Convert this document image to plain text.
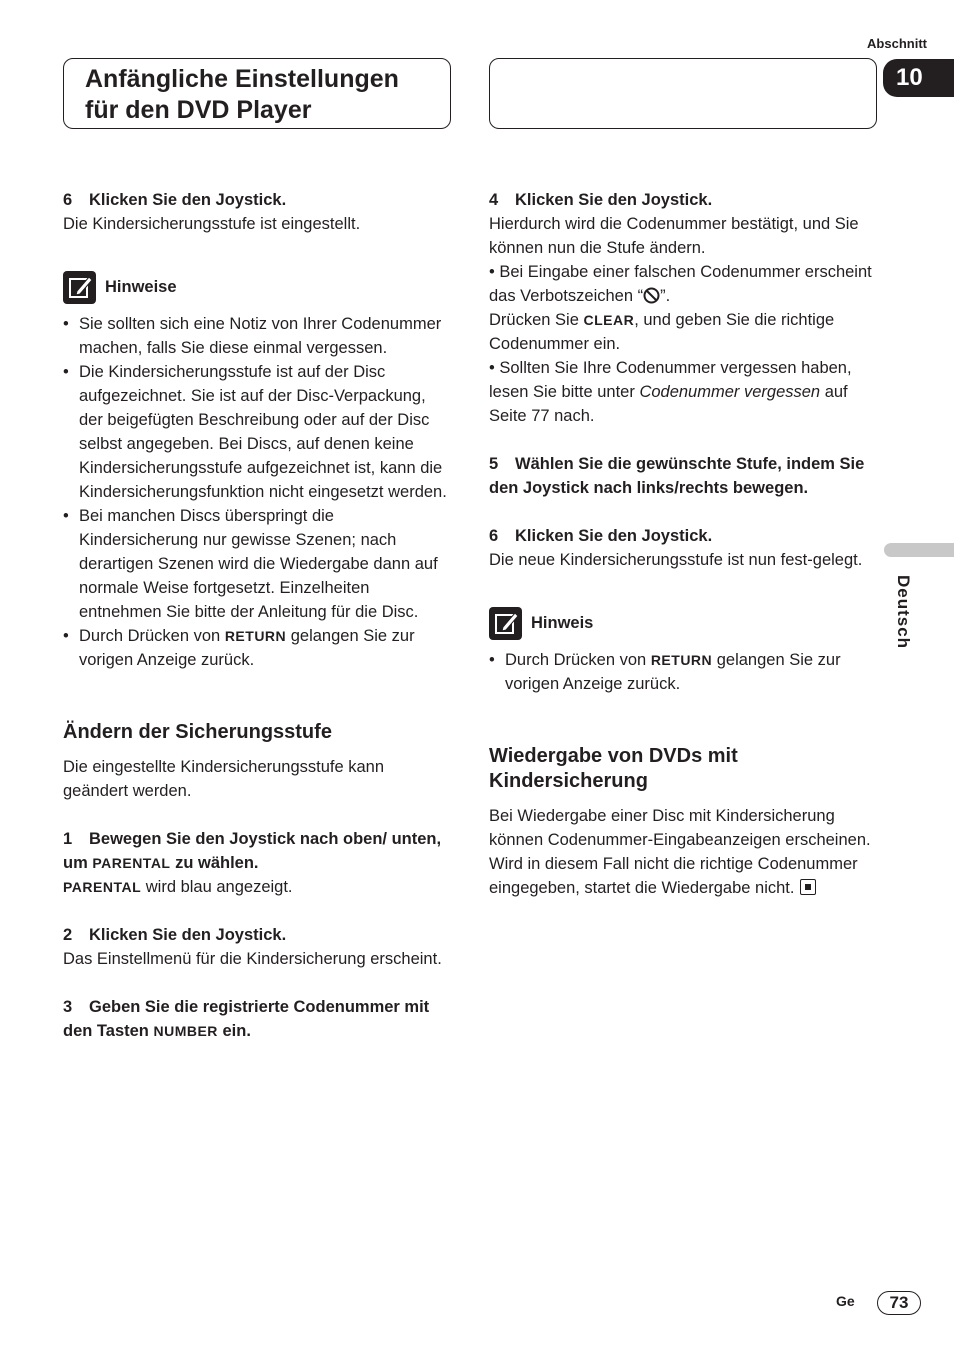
Abschnitt
10
Anfängliche Einstellungen
für den DVD Player

6 Klicken Sie den Joystick.

Die Kindersicherungsstufe ist eingestellt.

Hinweise
• Sie sollten sich eine Notiz von Ihrer Codenummer machen, falls Sie diese einmal vergessen.
• Die Kindersicherungsstufe ist auf der Disc aufgezeichnet. Sie ist auf der Disc-Verpackung, der beigefügten Beschreibung oder auf der Disc selbst angegeben. Bei Discs, auf denen keine Kindersicherungsstufe aufgezeichnet ist, kann die Kindersicherungsfunktion nicht eingesetzt werden.
• Bei manchen Discs überspringt die Kindersicherung nur gewisse Szenen; nach derartigen Szenen wird die Wiedergabe dann auf normale Weise fortgesetzt. Einzelheiten entnehmen Sie bitte der Anleitung für die Disc.
• Durch Drücken von RETURN gelangen Sie zur vorigen Anzeige zurück.

Ändern der Sicherungsstufe

Die eingestellte Kindersicherungsstufe kann geändert werden.

1 Bewegen Sie den Joystick nach oben/ unten, um PARENTAL zu wählen.

PARENTAL wird blau angezeigt.

2 Klicken Sie den Joystick.

Das Einstellmenü für die Kindersicherung erscheint.

3 Geben Sie die registrierte Codenummer mit den Tasten NUMBER ein.

4 Klicken Sie den Joystick.

Hierdurch wird die Codenummer bestätigt, und Sie können nun die Stufe ändern.

• Bei Eingabe einer falschen Codenummer erscheint das Verbotszeichen “ ”.

Drücken Sie CLEAR, und geben Sie die richtige Codenummer ein.

• Sollten Sie Ihre Codenummer vergessen haben, lesen Sie bitte unter Codenummer vergessen auf Seite 77 nach.

5 Wählen Sie die gewünschte Stufe, indem Sie den Joystick nach links/rechts bewegen.

6 Klicken Sie den Joystick.

Die neue Kindersicherungsstufe ist nun fest-gelegt.

Hinweis
• Durch Drücken von RETURN gelangen Sie zur vorigen Anzeige zurück.

Wiedergabe von DVDs mit Kindersicherung

Bei Wiedergabe einer Disc mit Kindersicherung können Codenummer-Eingabeanzeigen erscheinen. Wird in diesem Fall nicht die richtige Codenummer eingegeben, startet die Wiedergabe nicht.

Deutsch
Ge	73
